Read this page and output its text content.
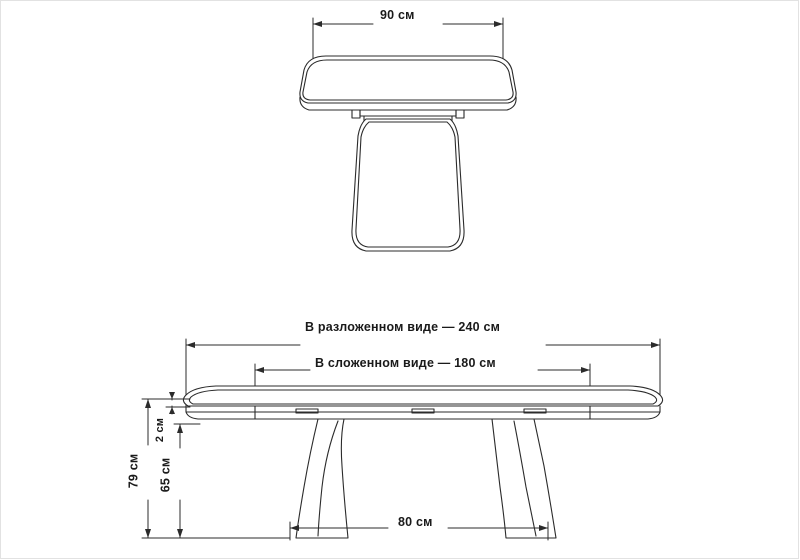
90 см
В разложенном виде — 240 см
В сложенном виде — 180 см
79 см 65 см
2 см
80 см
